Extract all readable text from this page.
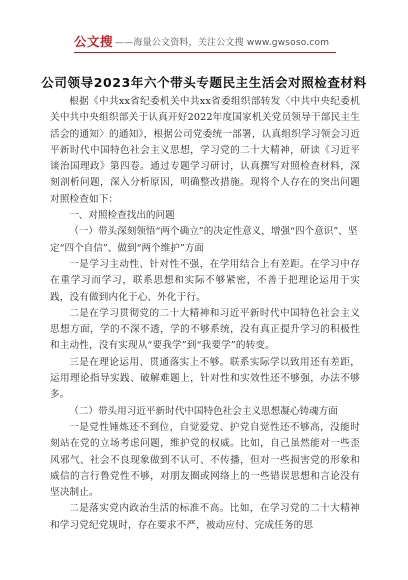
公文搜 ——海量公文资料，关注公文搜 www.gwsoso.com
公司领导2023年六个带头专题民主生活会对照检查材料

根据《中共xx省纪委机关中共xx省委组织部转发〈中共中央纪委机关中共中央组织部关于认真开好2022年度国家机关党员领导干部民主生活会的通知〉的通知》，根据公司党委统一部署，认真组织学习领会习近平新时代中国特色社会主义思想，学习党的二十大精神，研读《习近平谈治国理政》第四卷。通过专题学习研讨，认真撰写对照检查材料，深刻剖析问题，深入分析原因，明确整改措施。现将个人存在的突出问题对照检查如下：

一、对照检查找出的问题

（一）带头深刻领悟“两个确立”的决定性意义，增强“四个意识”、坚定“四个自信”、做到“两个维护”方面

一是学习主动性、针对性不强，在学用结合上有差距。在学习中存在重学习而学习，联系思想和实际不够紧密，不善于把理论运用于实践，没有做到内化于心、外化于行。

二是在学习贯彻党的二十大精神和习近平新时代中国特色社会主义思想方面，学的不深不透，学的不够系统，没有真正提升学习的积极性和主动性，没有实现从“要我学”到“我要学”的转变。

三是在理论运用、贯通落实上不够。联系实际学以致用还有差距，运用理论指导实践、破解难题上，针对性和实效性还不够强，办法不够多。

（二）带头用习近平新时代中国特色社会主义思想凝心铸魂方面

一是党性锤炼还不到位，自觉爱党、护党自觉性还不够高，没能时刻站在党的立场考虑问题，维护党的权威。比如，自己虽然能对一些歪风邪气、社会不良现象做到不认可、不传播，但对一些损害党的形象和威信的言行鲁党性不够，对朋友圈或网络上的一些错误思想和言论没有坚决制止。

二是落实党内政治生活的标准不高。比如，在学习党的二十大精神和学习党纪党规时，存在要求不严，被动应付、完成任务的思
